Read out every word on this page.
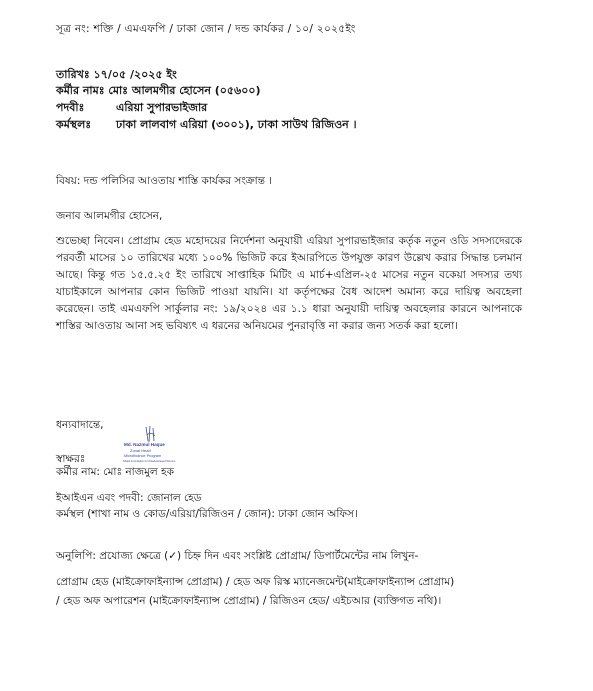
সূত্র নং: শক্তি / এমএফপি / ঢাকা জোন / দন্ড কার্যকর / ১০/ ২০২৫ইং
তারিখঃ ১৭/০৫ /২০২৫ ইং
কর্মীর নামঃ মোঃ আলমগীর হোসেন (০৫৬০০)
পদবীঃ	এরিয়া সুপারভাইজার
কর্মস্থলঃ ঢাকা লালবাগ এরিয়া (৩০০১), ঢাকা সাউথ রিজিওন ।
বিষয়: দন্ড পলিসির আওতায় শাস্তি কার্যকর সংক্রান্ত ।
জনাব আলমগীর হোসেন,
শুভেচ্ছা নিবেন। প্রোগ্রাম হেড মহোদয়ের নির্দেশনা অনুযায়ী এরিয়া সুপারভাইজার কর্তৃক নতুন ওডি সদস্যদেরকে পরবর্তী মাসের ১০ তারিখের মধ্যে ১০০% ভিজিট করে ইআরপিতে উপযুক্ত কারণ উল্লেখ করার সিদ্ধান্ত চলমান আছে। কিন্তু গত ১৫.৫.২৫ ইং তারিখে সাপ্তাহিক মিটিং এ মার্চ+এপ্রিল-২৫ মাসের নতুন বকেয়া সদস্যর তথ্য যাচাইকালে আপনার কোন ভিজিট পাওয়া যায়নি। যা কর্তৃপক্ষের বৈধ আদেশ অমান্য করে দায়িত্ব অবহেলা করেছেন। তাই এমএফপি সার্কুলার নং: ১৯/২০২৪ এর ১.১ ধারা অনুযায়ী দায়িত্ব অবহেলার কারনে আপনাকে শাস্তির আওতায় আনা সহ ভবিষ্যৎ এ ধরনের অনিয়মের পুনরাবৃত্তি না করার জন্য সতর্ক করা হলো।
ধন্যবাদান্তে,
Md. Nazmul Haque
Zonal Head
Microfinance Program
Shakti Foundation for Disadvantaged Women
স্বাক্ষরঃ
কর্মীর নাম: মোঃ নাজমুল হক
ইআইএন এবং পদবী: জোনাল হেড
কর্মস্থল (শাখা নাম ও কোড/এরিয়া/রিজিওন / জোন): ঢাকা জোন অফিস।
অনুলিপি: প্রযোজ্য ক্ষেত্রে (✓) চিহ্ন দিন এবং সংশ্লিষ্ট প্রোগ্রাম/ ডিপার্টমেন্টের নাম লিখুন-
প্রোগ্রাম হেড (মাইক্রোফাইন্যান্স প্রোগ্রাম) / হেড অফ রিস্ক ম্যানেজমেন্ট(মাইক্রোফাইন্যান্স প্রোগ্রাম)
/ হেড অফ অপারেশন (মাইক্রোফাইন্যান্স প্রোগ্রাম) / রিজিওন হেড/ এইচআর (ব্যক্তিগত নথি)।
